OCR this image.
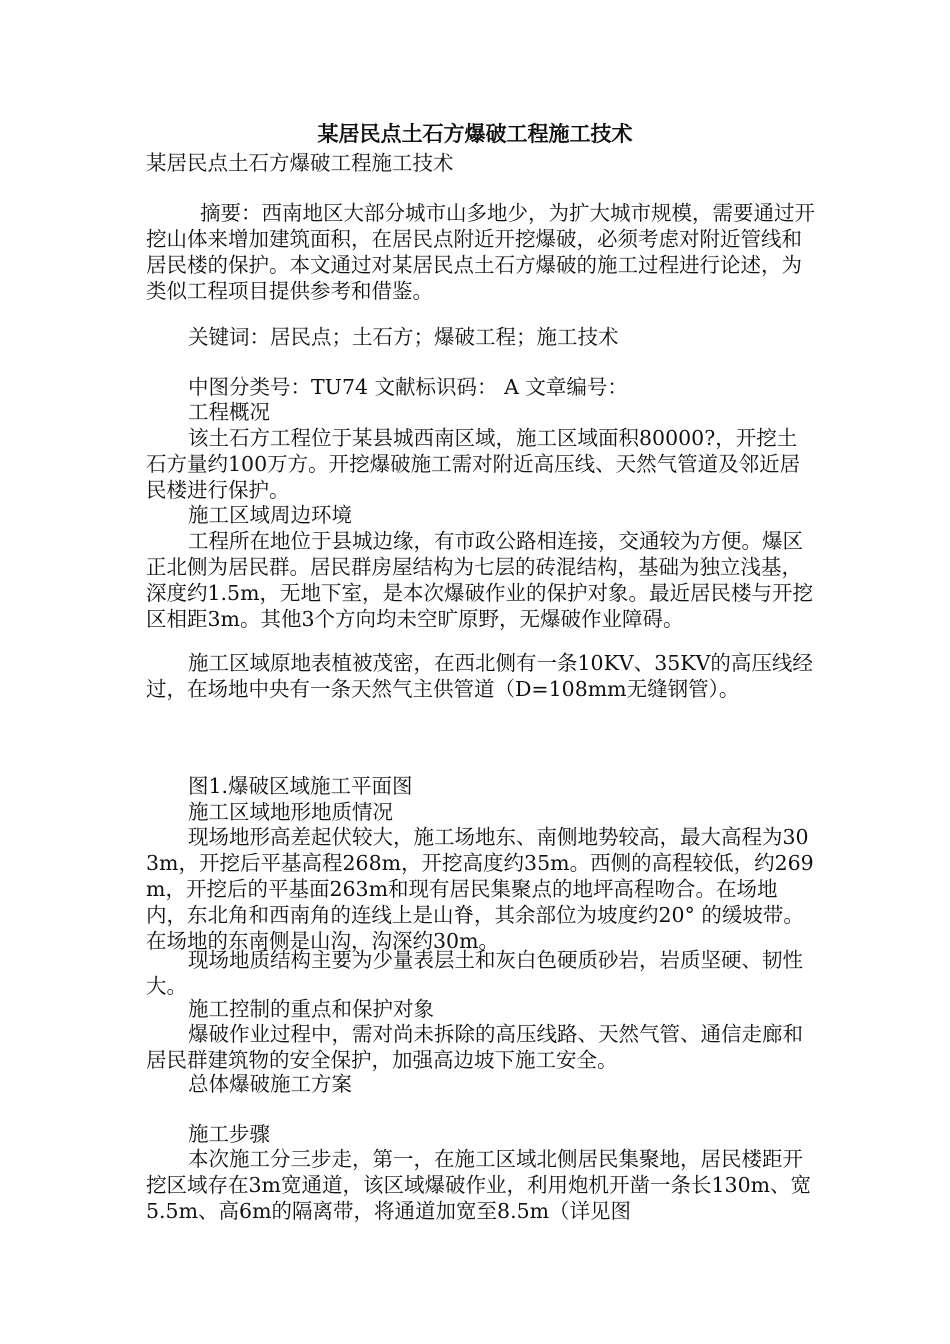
某居民点土石方爆破工程施工技术
某居民点土石方爆破工程施工技术
摘要：西南地区大部分城市山多地少，为扩大城市规模，需要通过开挖山体来增加建筑面积，在居民点附近开挖爆破，必须考虑对附近管线和居民楼的保护。本文通过对某居民点土石方爆破的施工过程进行论述，为类似工程项目提供参考和借鉴。
关键词：居民点；土石方；爆破工程；施工技术
中图分类号：TU74 文献标识码： A 文章编号：
工程概况
该土石方工程位于某县城西南区域，施工区域面积80000?，开挖土石方量约100万方。开挖爆破施工需对附近高压线、天然气管道及邻近居民楼进行保护。
施工区域周边环境
工程所在地位于县城边缘，有市政公路相连接，交通较为方便。爆区正北侧为居民群。居民群房屋结构为七层的砖混结构，基础为独立浅基，深度约1.5m，无地下室，是本次爆破作业的保护对象。最近居民楼与开挖区相距3m。其他3个方向均未空旷原野，无爆破作业障碍。
施工区域原地表植被茂密，在西北侧有一条10KV、35KV的高压线经过，在场地中央有一条天然气主供管道（D=108mm无缝钢管）。
图1.爆破区域施工平面图
施工区域地形地质情况
现场地形高差起伏较大，施工场地东、南侧地势较高，最大高程为303m，开挖后平基高程268m，开挖高度约35m。西侧的高程较低，约269m，开挖后的平基面263m和现有居民集聚点的地坪高程吻合。在场地内，东北角和西南角的连线上是山脊，其余部位为坡度约20° 的缓坡带。在场地的东南侧是山沟，沟深约30m。
现场地质结构主要为少量表层土和灰白色硬质砂岩，岩质坚硬、韧性大。
施工控制的重点和保护对象
爆破作业过程中，需对尚未拆除的高压线路、天然气管、通信走廊和居民群建筑物的安全保护，加强高边坡下施工安全。
总体爆破施工方案
施工步骤
本次施工分三步走，第一，在施工区域北侧居民集聚地，居民楼距开挖区域存在3m宽通道，该区域爆破作业，利用炮机开凿一条长130m、宽5.5m、高6m的隔离带，将通道加宽至8.5m（详见图
